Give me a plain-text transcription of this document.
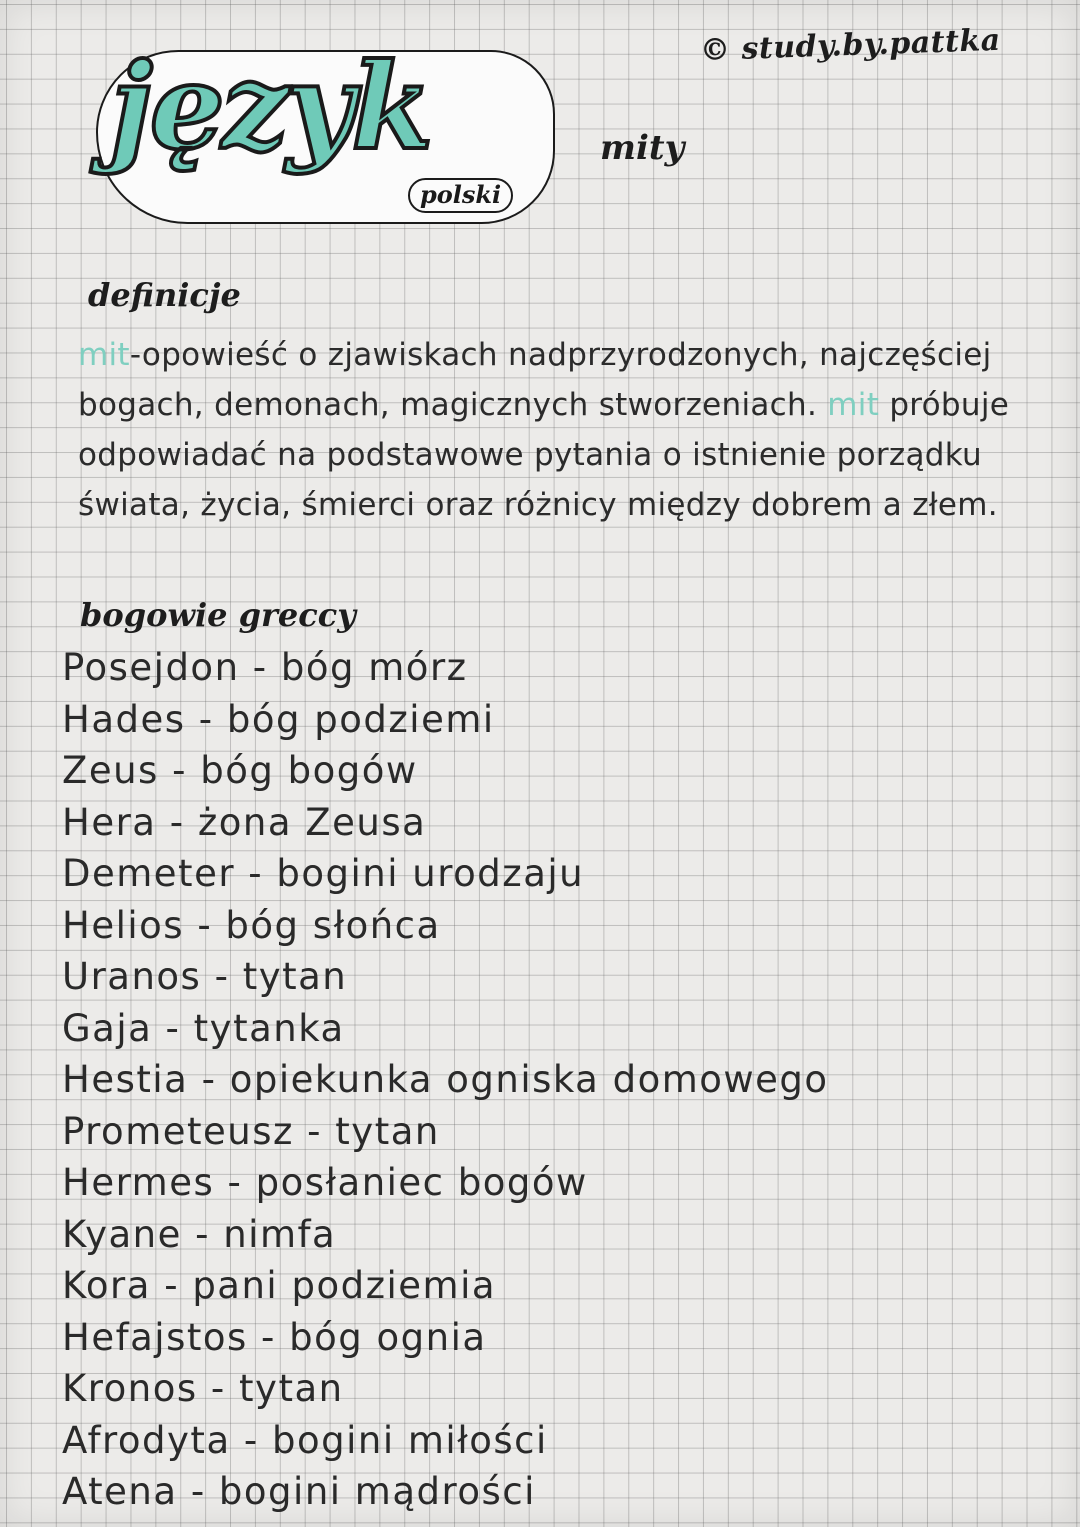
© study.by.pattka
język
polski
mity
definicje

mit-opowieść o zjawiskach nadprzyrodzonych, najczęściej bogach, demonach, magicznych stworzeniach. mit próbuje odpowiadać na podstawowe pytania o istnienie porządku świata, życia, śmierci oraz różnicy między dobrem a złem.

bogowie greccy
Posejdon - bóg mórz
Hades - bóg podziemi
Zeus - bóg bogów
Hera - żona Zeusa
Demeter - bogini urodzaju
Helios - bóg słońca
Uranos - tytan
Gaja - tytanka
Hestia - opiekunka ogniska domowego
Prometeusz - tytan
Hermes - posłaniec bogów
Kyane - nimfa
Kora - pani podziemia
Hefajstos - bóg ognia
Kronos - tytan
Afrodyta - bogini miłości
Atena - bogini mądrości
